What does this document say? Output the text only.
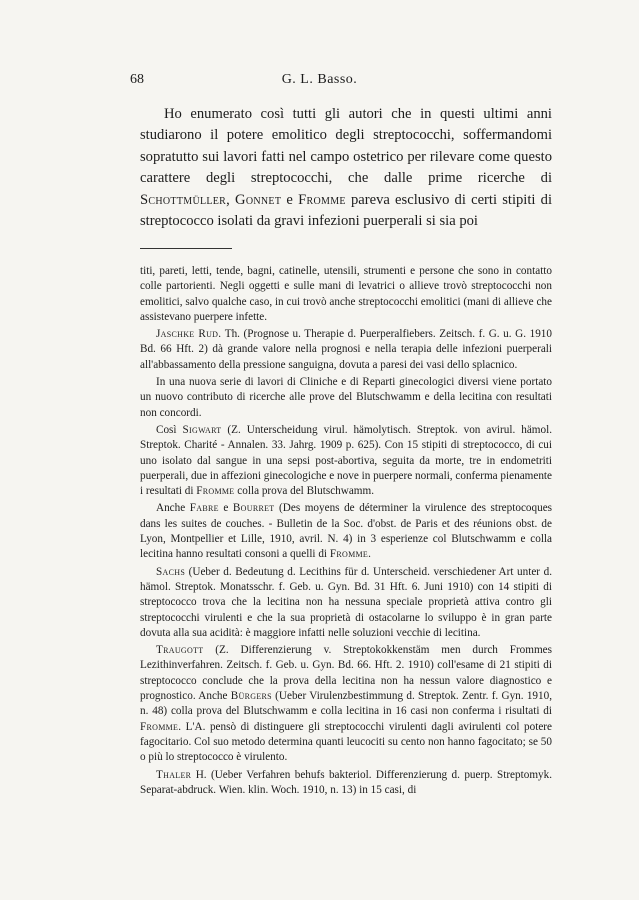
68	G. L. Basso.

Ho enumerato così tutti gli autori che in questi ultimi anni studiarono il potere emolitico degli streptococchi, soffermandomi sopratutto sui lavori fatti nel campo ostetrico per rilevare come questo carattere degli streptococchi, che dalle prime ricerche di Schottmüller, Gonnet e Fromme pareva esclusivo di certi stipiti di streptococco isolati da gravi infezioni puerperali si sia poi

titi, pareti, letti, tende, bagni, catinelle, utensili, strumenti e persone che sono in contatto colle partorienti. Negli oggetti e sulle mani di levatrici o allieve trovò streptococchi non emolitici, salvo qualche caso, in cui trovò anche streptococchi emolitici (mani di allieve che assistevano puerpere infette.

Jaschke Rud. Th. (Prognose u. Therapie d. Puerperalfiebers. Zeitsch. f. G. u. G. 1910 Bd. 66 Hft. 2) dà grande valore nella prognosi e nella terapia delle infezioni puerperali all'abbassamento della pressione sanguigna, dovuta a paresi dei vasi dello splacnico.

In una nuova serie di lavori di Cliniche e di Reparti ginecologici diversi viene portato un nuovo contributo di ricerche alle prove del Blutschwamm e della lecitina con resultati non concordi.

Così Sigwart (Z. Unterscheidung virul. hämolytisch. Streptok. von avirul. hämol. Streptok. Charité - Annalen. 33. Jahrg. 1909 p. 625). Con 15 stipiti di streptococco, di cui uno isolato dal sangue in una sepsi post-abortiva, seguita da morte, tre in endometriti puerperali, due in affezioni ginecologiche e nove in puerpere normali, conferma pienamente i resultati di Fromme colla prova del Blutschwamm.

Anche Fabre e Bourret (Des moyens de déterminer la virulence des streptocoques dans les suites de couches. - Bulletin de la Soc. d'obst. de Paris et des réunions obst. de Lyon, Montpellier et Lille, 1910, avril. N. 4) in 3 esperienze col Blutschwamm e colla lecitina hanno resultati consoni a quelli di Fromme.

Sachs (Ueber d. Bedeutung d. Lecithins für d. Unterscheid. verschiedener Art unter d. hämol. Streptok. Monatsschr. f. Geb. u. Gyn. Bd. 31 Hft. 6. Juni 1910) con 14 stipiti di streptococco trova che la lecitina non ha nessuna speciale proprietà attiva contro gli streptococchi virulenti e che la sua proprietà di ostacolarne lo sviluppo è in gran parte dovuta alla sua acidità: è maggiore infatti nelle soluzioni vecchie di lecitina.

Traugott (Z. Differenzierung v. Streptokokkenstäm men durch Frommes Lezithinverfahren. Zeitsch. f. Geb. u. Gyn. Bd. 66. Hft. 2. 1910) coll'esame di 21 stipiti di streptococco conclude che la prova della lecitina non ha nessun valore diagnostico e prognostico. Anche Bürgers (Ueber Virulenzbestimmung d. Streptok. Zentr. f. Gyn. 1910, n. 48) colla prova del Blutschwamm e colla lecitina in 16 casi non conferma i risultati di Fromme. L'A. pensò di distinguere gli streptococchi virulenti dagli avirulenti col potere fagocitario. Col suo metodo determina quanti leucociti su cento non hanno fagocitato; se 50 o più lo streptococco è virulento.

Thaler H. (Ueber Verfahren behufs bakteriol. Differenzierung d. puerp. Streptomyk. Separat-abdruck. Wien. klin. Woch. 1910, n. 13) in 15 casi, di
